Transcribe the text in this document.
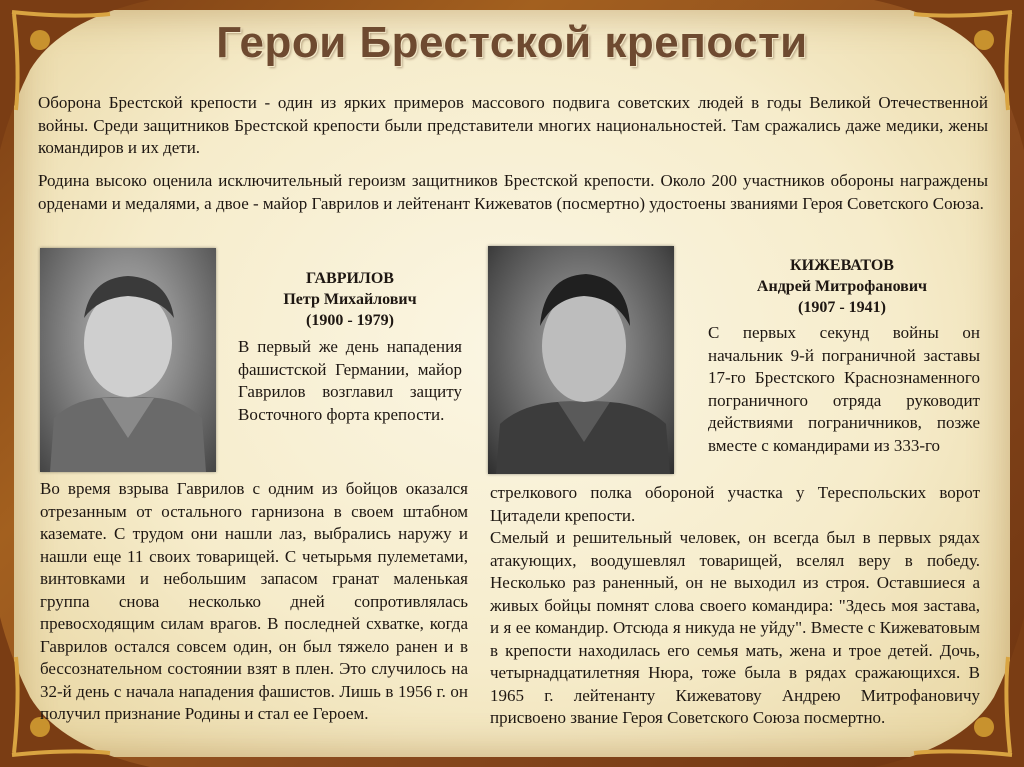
Герои Брестской крепости

Оборона Брестской крепости - один из ярких примеров массового подвига советских людей в годы Великой Отечественной войны. Среди защитников Брестской крепости были представители многих национальностей. Там сражались даже медики, жены командиров и их дети.

Родина высоко оценила исключительный героизм защитников Брестской крепости. Около 200 участников обороны награждены орденами и медалями, а двое - майор Гаврилов и лейтенант Кижеватов (посмертно) удостоены званиями Героя Советского Союза.

ГАВРИЛОВ
Петр Михайлович
(1900 - 1979)

В первый же день нападения фашистской Германии, майор Гаврилов возглавил защиту Восточного форта крепости.

Во время взрыва Гаврилов с одним из бойцов оказался отрезанным от остального гарнизона в своем штабном каземате. С трудом они нашли лаз, выбрались наружу и нашли еще 11 своих товарищей. С четырьмя пулеметами, винтовками и небольшим запасом гранат маленькая группа снова несколько дней сопротивлялась превосходящим силам врагов. В последней схватке, когда Гаврилов остался совсем один, он был тяжело ранен и в бессознательном состоянии взят в плен. Это случилось на 32-й день с начала нападения фашистов. Лишь в 1956 г. он получил признание Родины и стал ее Героем.

КИЖЕВАТОВ
Андрей Митрофанович
(1907 - 1941)

С первых секунд войны он начальник 9-й пограничной заставы 17-го Брестского Краснознаменного пограничного отряда руководит действиями пограничников, позже вместе с командирами из 333-го

стрелкового полка обороной участка у Тереспольских ворот Цитадели крепости.
Смелый и решительный человек, он всегда был в первых рядах атакующих, воодушевлял товарищей, вселял веру в победу. Несколько раз раненный, он не выходил из строя. Оставшиеся а живых бойцы помнят слова своего командира: "Здесь моя застава, и я ее командир. Отсюда я никуда не уйду". Вместе с Кижеватовым в крепости находилась его семья мать, жена и трое детей. Дочь, четырнадцатилетняя Нюра, тоже была в рядах сражающихся. В 1965 г. лейтенанту Кижеватову Андрею Митрофановичу присвоено звание Героя Советского Союза посмертно.
